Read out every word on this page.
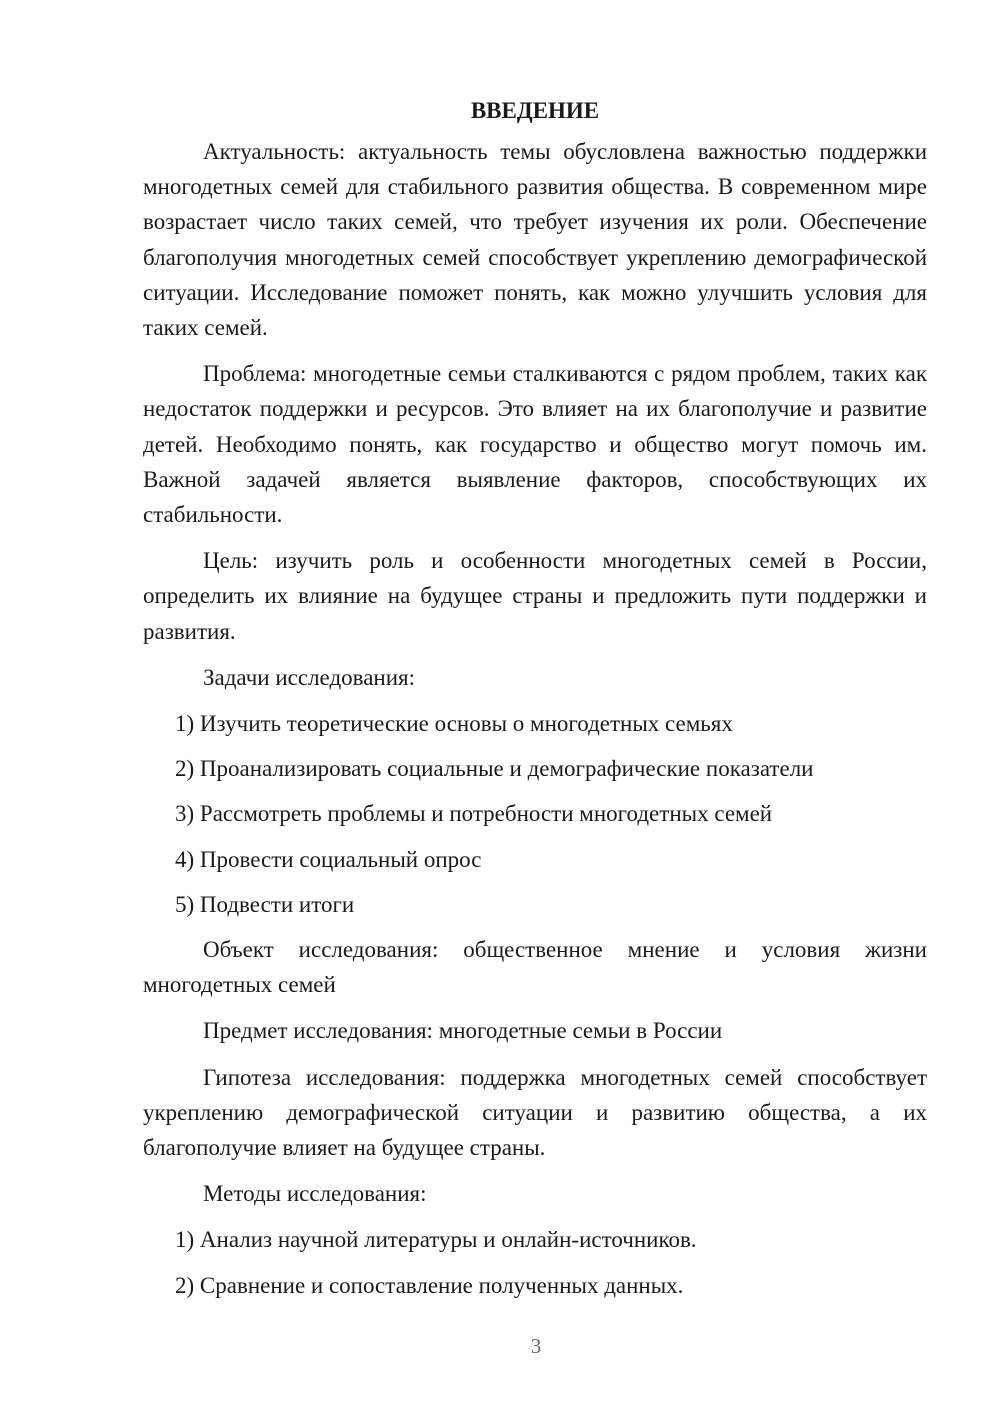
ВВЕДЕНИЕ

Актуальность: актуальность темы обусловлена важностью поддержки многодетных семей для стабильного развития общества. В современном мире возрастает число таких семей, что требует изучения их роли. Обеспечение благополучия многодетных семей способствует укреплению демографической ситуации. Исследование поможет понять, как можно улучшить условия для таких семей.

Проблема: многодетные семьи сталкиваются с рядом проблем, таких как недостаток поддержки и ресурсов. Это влияет на их благополучие и развитие детей. Необходимо понять, как государство и общество могут помочь им. Важной задачей является выявление факторов, способствующих их стабильности.

Цель: изучить роль и особенности многодетных семей в России, определить их влияние на будущее страны и предложить пути поддержки и развития.

Задачи исследования:

1) Изучить теоретические основы о многодетных семьях
2) Проанализировать социальные и демографические показатели
3) Рассмотреть проблемы и потребности многодетных семей
4) Провести социальный опрос
5) Подвести итоги

Объект исследования: общественное мнение и условия жизни многодетных семей

Предмет исследования: многодетные семьи в России

Гипотеза исследования: поддержка многодетных семей способствует укреплению демографической ситуации и развитию общества, а их благополучие влияет на будущее страны.

Методы исследования:

1) Анализ научной литературы и онлайн-источников.
2) Сравнение и сопоставление полученных данных.
3
